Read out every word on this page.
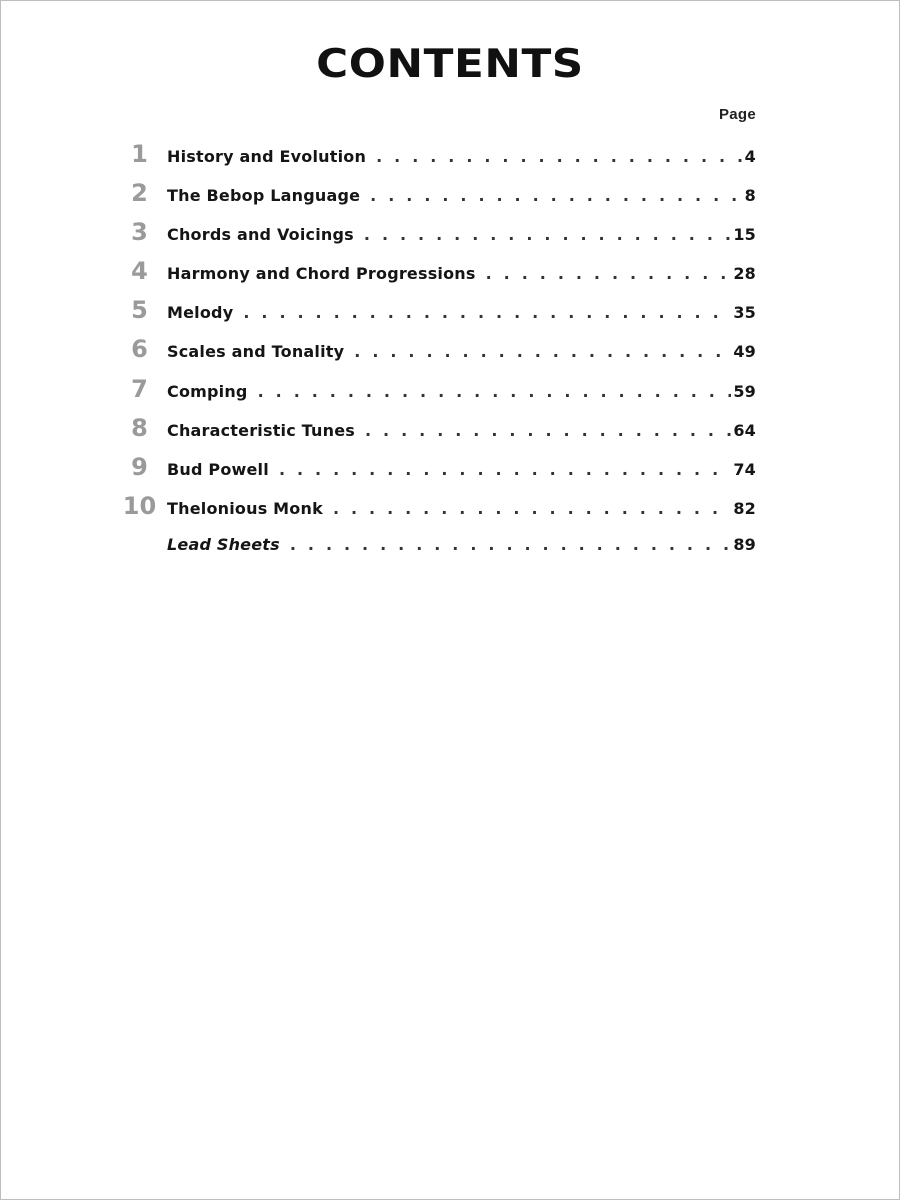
CONTENTS
Page
1	History and Evolution . . .	4
2	The Bebop Language . . .	8
3	Chords and Voicings . . .	15
4	Harmony and Chord Progressions . . .	28
5	Melody . . .	35
6	Scales and Tonality . . .	49
7	Comping . . .	59
8	Characteristic Tunes . . .	64
9	Bud Powell . . .	74
10 Thelonious Monk . . .	82
Lead Sheets . . .	89
